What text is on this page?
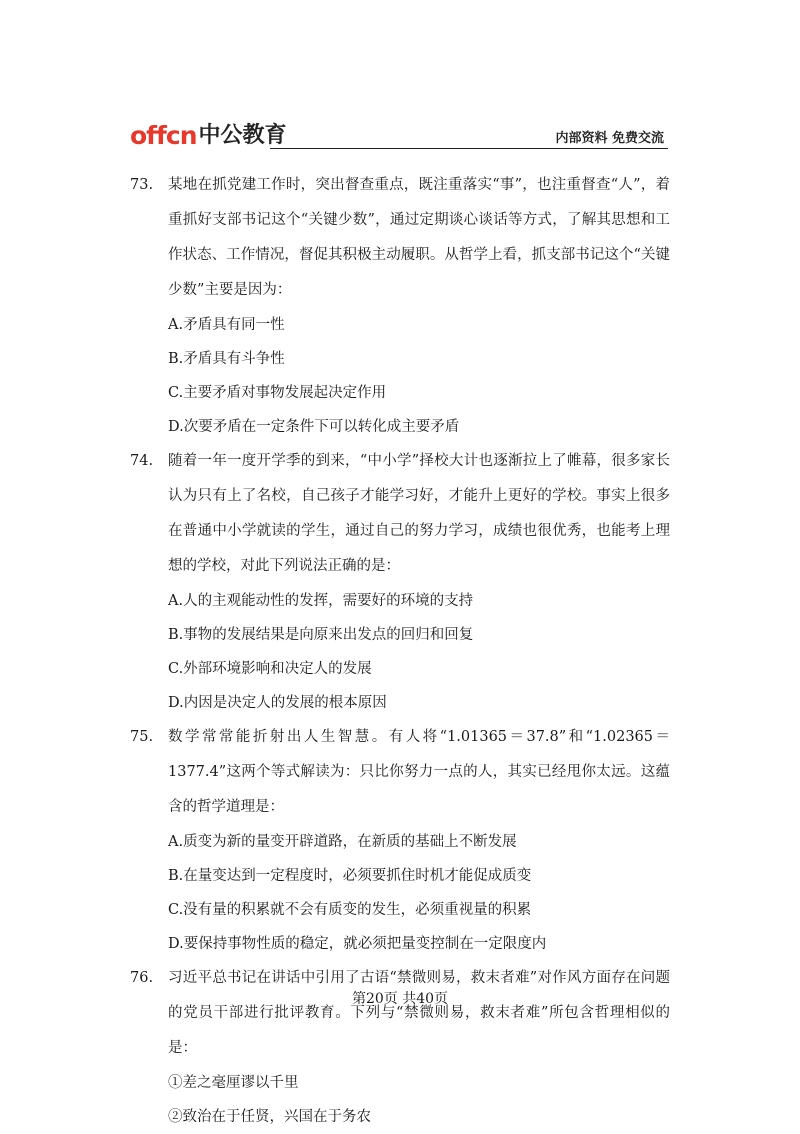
offcn 中公教育	内部资料 免费交流
73.	某地在抓党建工作时，突出督查重点，既注重落实“事”，也注重督查“人”，着重抓好支部书记这个“关键少数”，通过定期谈心谈话等方式，了解其思想和工作状态、工作情况，督促其积极主动履职。从哲学上看，抓支部书记这个“关键少数”主要是因为：
A.矛盾具有同一性
B.矛盾具有斗争性
C.主要矛盾对事物发展起决定作用
D.次要矛盾在一定条件下可以转化成主要矛盾
74.	随着一年一度开学季的到来，“中小学”择校大计也逐渐拉上了帷幕，很多家长认为只有上了名校，自己孩子才能学习好，才能升上更好的学校。事实上很多在普通中小学就读的学生，通过自己的努力学习，成绩也很优秀，也能考上理想的学校，对此下列说法正确的是：
A.人的主观能动性的发挥，需要好的环境的支持
B.事物的发展结果是向原来出发点的回归和回复
C.外部环境影响和决定人的发展
D.内因是决定人的发展的根本原因
75.	数学常常能折射出人生智慧。有人将“1.01365＝37.8”和“1.02365＝1377.4”这两个等式解读为：只比你努力一点的人，其实已经甩你太远。这蕴含的哲学道理是：
A.质变为新的量变开辟道路，在新质的基础上不断发展
B.在量变达到一定程度时，必须要抓住时机才能促成质变
C.没有量的积累就不会有质变的发生，必须重视量的积累
D.要保持事物性质的稳定，就必须把量变控制在一定限度内
76.	习近平总书记在讲话中引用了古语“禁微则易，救末者难”对作风方面存在问题的党员干部进行批评教育。下列与“禁微则易，救末者难”所包含哲理相似的是：
①差之毫厘谬以千里
②致治在于任贤，兴国在于务农
第20页 共40页
